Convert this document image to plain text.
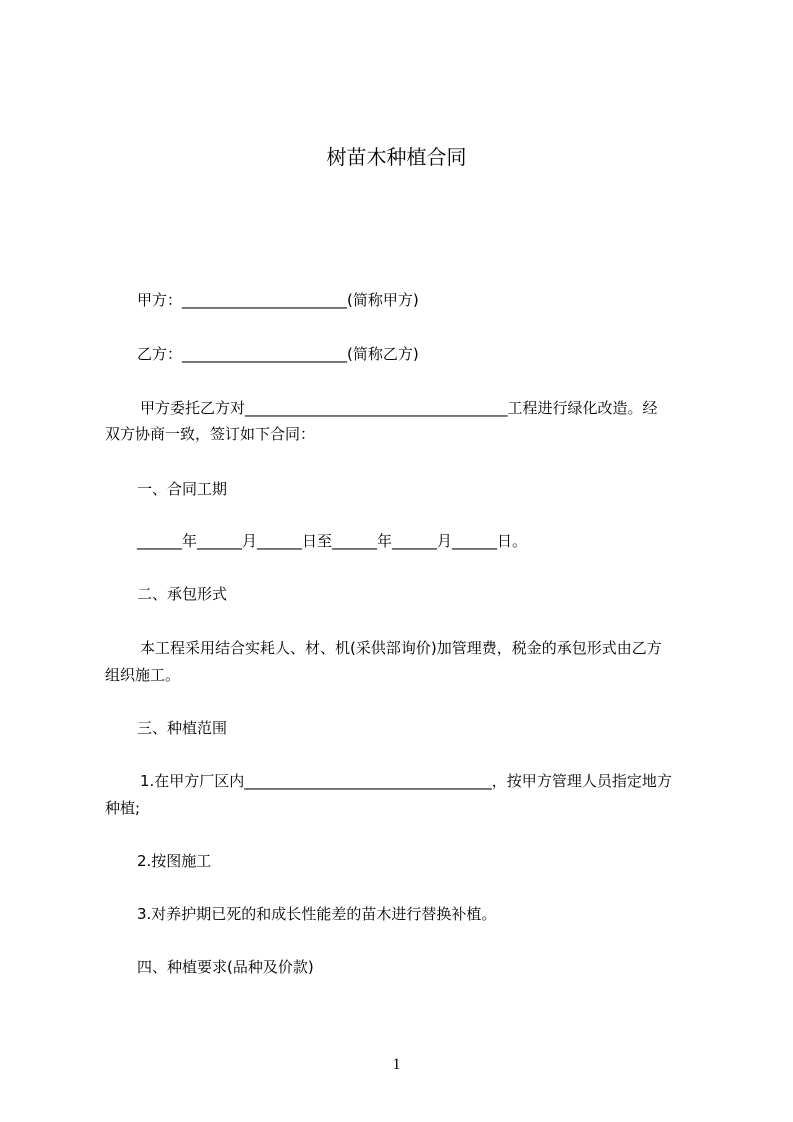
树苗木种植合同
甲方：______________________(简称甲方)
乙方：______________________(简称乙方)
甲方委托乙方对___________________________________工程进行绿化改造。经
双方协商一致，签订如下合同：
一、合同工期
______年______月______日至______年______月______日。
二、承包形式
本工程采用结合实耗人、材、机(采供部询价)加管理费，税金的承包形式由乙方
组织施工。
三、种植范围
1.在甲方厂区内_________________________________，按甲方管理人员指定地方
种植;
2.按图施工
3.对养护期已死的和成长性能差的苗木进行替换补植。
四、种植要求(品种及价款)
1
